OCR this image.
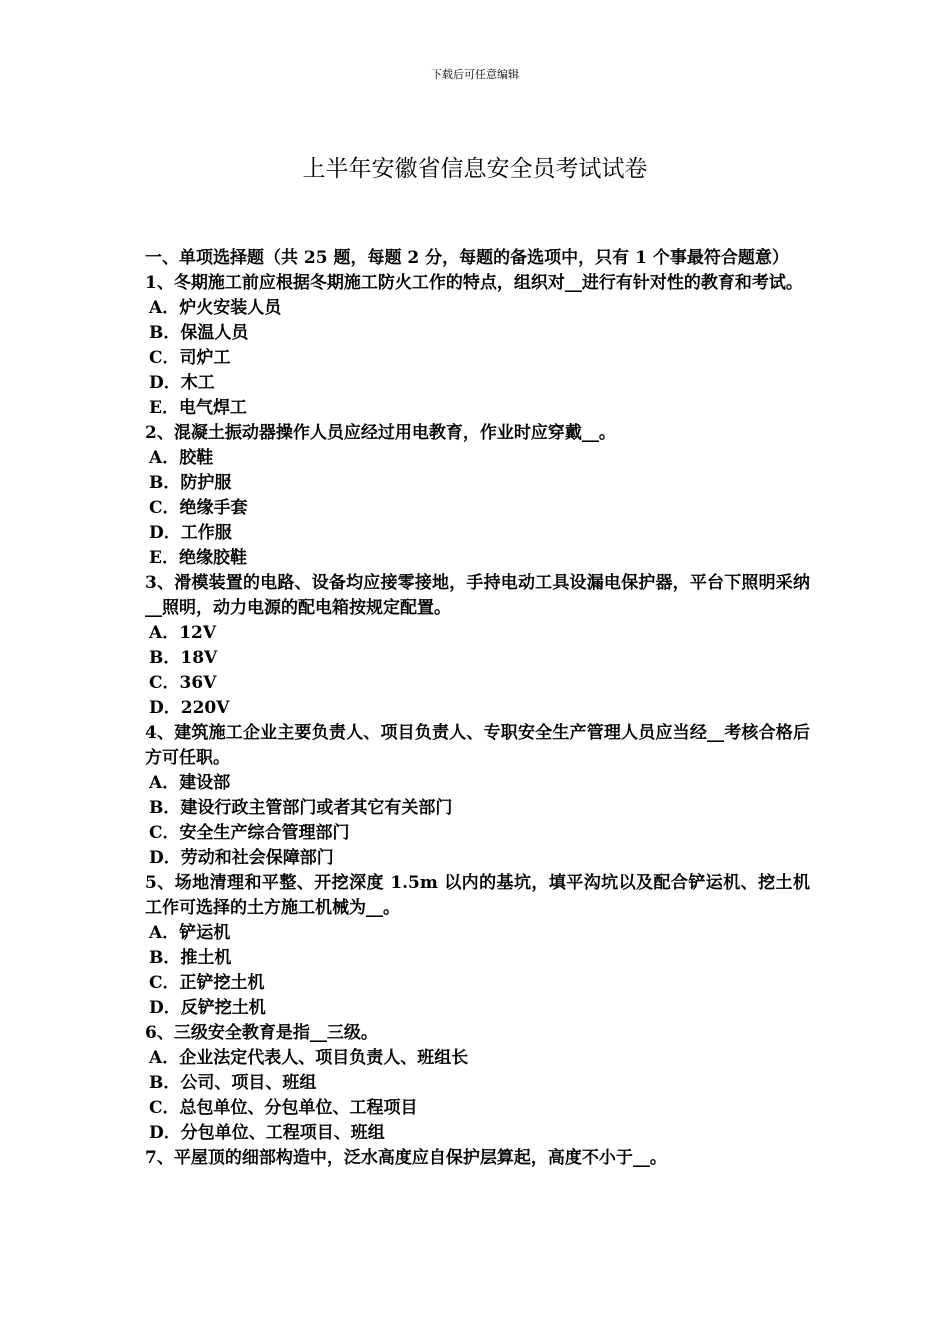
下载后可任意编辑
上半年安徽省信息安全员考试试卷

一、单项选择题（共 25 题，每题 2 分，每题的备选项中，只有 1 个事最符合题意）

1、冬期施工前应根据冬期施工防火工作的特点，组织对__进行有针对性的教育和考试。

A．炉火安装人员

B．保温人员

C．司炉工

D．木工

E．电气焊工

2、混凝土振动器操作人员应经过用电教育，作业时应穿戴__。

A．胶鞋

B．防护服

C．绝缘手套

D．工作服

E．绝缘胶鞋

3、滑模装置的电路、设备均应接零接地，手持电动工具设漏电保护器，平台下照明采纳__照明，动力电源的配电箱按规定配置。

A．12V

B．18V

C．36V

D．220V

4、建筑施工企业主要负责人、项目负责人、专职安全生产管理人员应当经__考核合格后方可任职。

A．建设部

B．建设行政主管部门或者其它有关部门

C．安全生产综合管理部门

D．劳动和社会保障部门

5、场地清理和平整、开挖深度 1.5m 以内的基坑，填平沟坑以及配合铲运机、挖土机工作可选择的土方施工机械为__。

A．铲运机

B．推土机

C．正铲挖土机

D．反铲挖土机

6、三级安全教育是指__三级。

A．企业法定代表人、项目负责人、班组长

B．公司、项目、班组

C．总包单位、分包单位、工程项目

D．分包单位、工程项目、班组

7、平屋顶的细部构造中，泛水高度应自保护层算起，高度不小于__。
